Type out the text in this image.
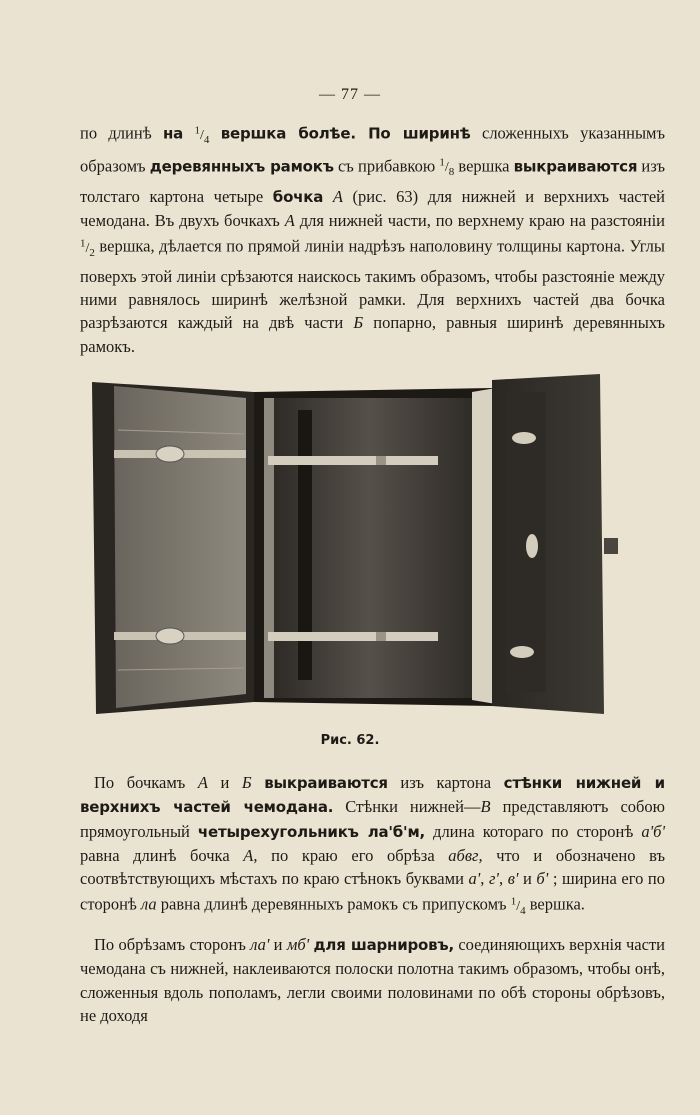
— 77 —

по длинѣ на $^1/_4$ вершка болѣе. По ширинѣ сложенныхъ указаннымъ образомъ деревянныхъ рамокъ съ прибавкою $^1/_8$ вершка выкраиваются изъ толстаго картона четыре бочка А (рис. 63) для нижней и верхнихъ частей чемодана. Въ двухъ бочкахъ А для нижней части, по верхнему краю на разстояніи $^1/_2$ вершка, дѣлается по прямой линіи надрѣзъ наполовину толщины картона. Углы поверхъ этой линіи срѣзаются наискось такимъ образомъ, чтобы разстояніе между ними равнялось ширинѣ желѣзной рамки. Для верхнихъ частей два бочка разрѣзаются каждый на двѣ части Б попарно, равныя ширинѣ деревянныхъ рамокъ.

Рис. 62.

По бочкамъ А и Б выкраиваются изъ картона стѣнки нижней и верхнихъ частей чемодана. Стѣнки нижней—В представляютъ собою прямоугольный четырехугольникъ ла'б'м, длина котораго по сторонѣ а'б' равна длинѣ бочка А, по краю его обрѣза абвг, что и обозначено въ соотвѣтствующихъ мѣстахъ по краю стѣнокъ буквами а', г', в' и б' ; ширина его по сторонѣ ла равна длинѣ деревянныхъ рамокъ съ припускомъ $^1/_4$ вершка.

По обрѣзамъ сторонъ ла' и мб' для шарнировъ, соединяющихъ верхнія части чемодана съ нижней, наклеиваются полоски полотна такимъ образомъ, чтобы онѣ, сложенныя вдоль пополамъ, легли своими половинами по обѣ стороны обрѣзовъ, не доходя
